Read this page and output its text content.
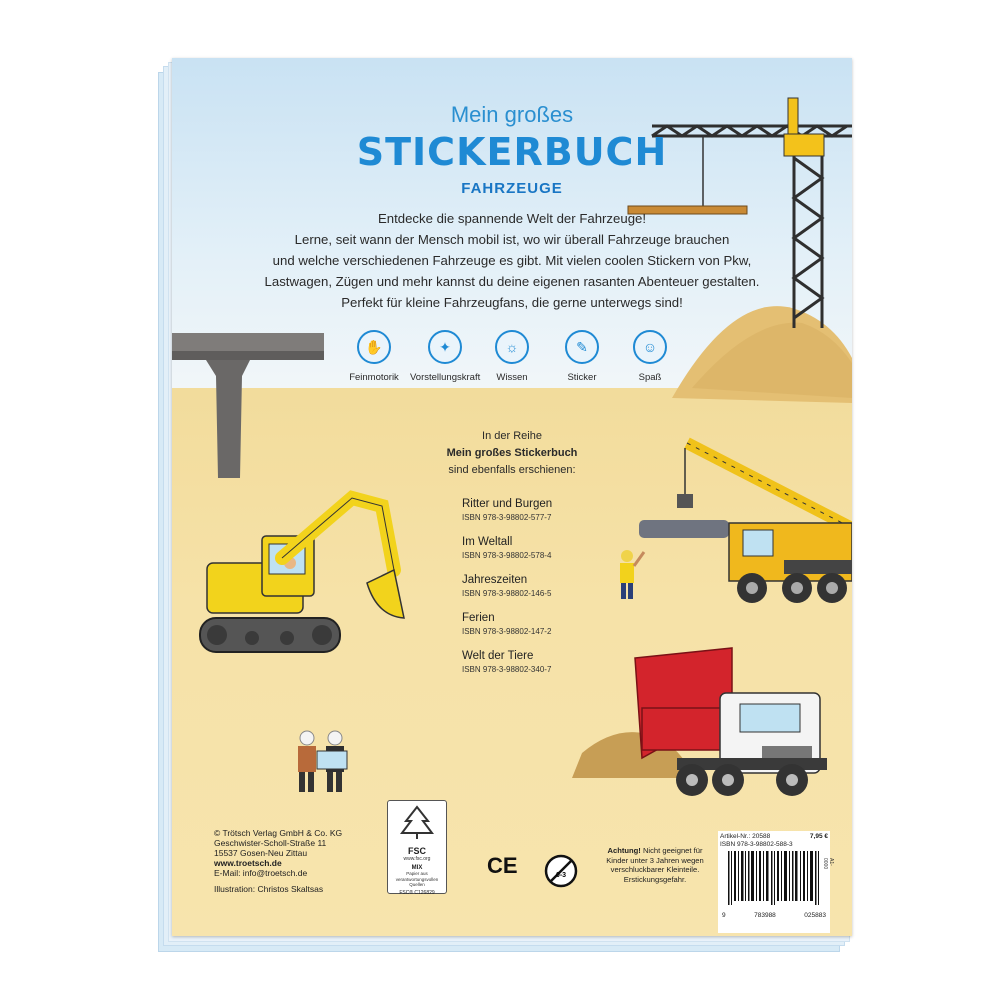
Mein großes
STICKERBUCH
FAHRZEUGE
Entdecke die spannende Welt der Fahrzeuge!
Lerne, seit wann der Mensch mobil ist, wo wir überall Fahrzeuge brauchen
und welche verschiedenen Fahrzeuge es gibt. Mit vielen coolen Stickern von Pkw,
Lastwagen, Zügen und mehr kannst du deine eigenen rasanten Abenteuer gestalten.
Perfekt für kleine Fahrzeugfans, die gerne unterwegs sind!
✋
Feinmotorik
✦
Vorstellungskraft
☼
Wissen
✎
Sticker
☺
Spaß
In der Reihe
Mein großes Stickerbuch
sind ebenfalls erschienen:
Ritter und Burgen
ISBN 978-3-98802-577-7
Im Weltall
ISBN 978-3-98802-578-4
Jahreszeiten
ISBN 978-3-98802-146-5
Ferien
ISBN 978-3-98802-147-2
Welt der Tiere
ISBN 978-3-98802-340-7
© Trötsch Verlag GmbH & Co. KG
Geschwister-Scholl-Straße 11
15537 Gosen-Neu Zittau
www.troetsch.de
E-Mail: info@troetsch.de
Illustration: Christos Skaltsas
FSC
www.fsc.org
MIX
Papier aus verantwortungsvollen Quellen
FSC® C126829
CE	0-3
Achtung! Nicht geeignet für Kinder unter 3 Jahren wegen verschluckbarer Kleinteile. Erstickungsgefahr.
Artikel-Nr.: 20588	7,95 €
ISBN 978-3-98802-588-3
9	783988	025883
A1-0000
